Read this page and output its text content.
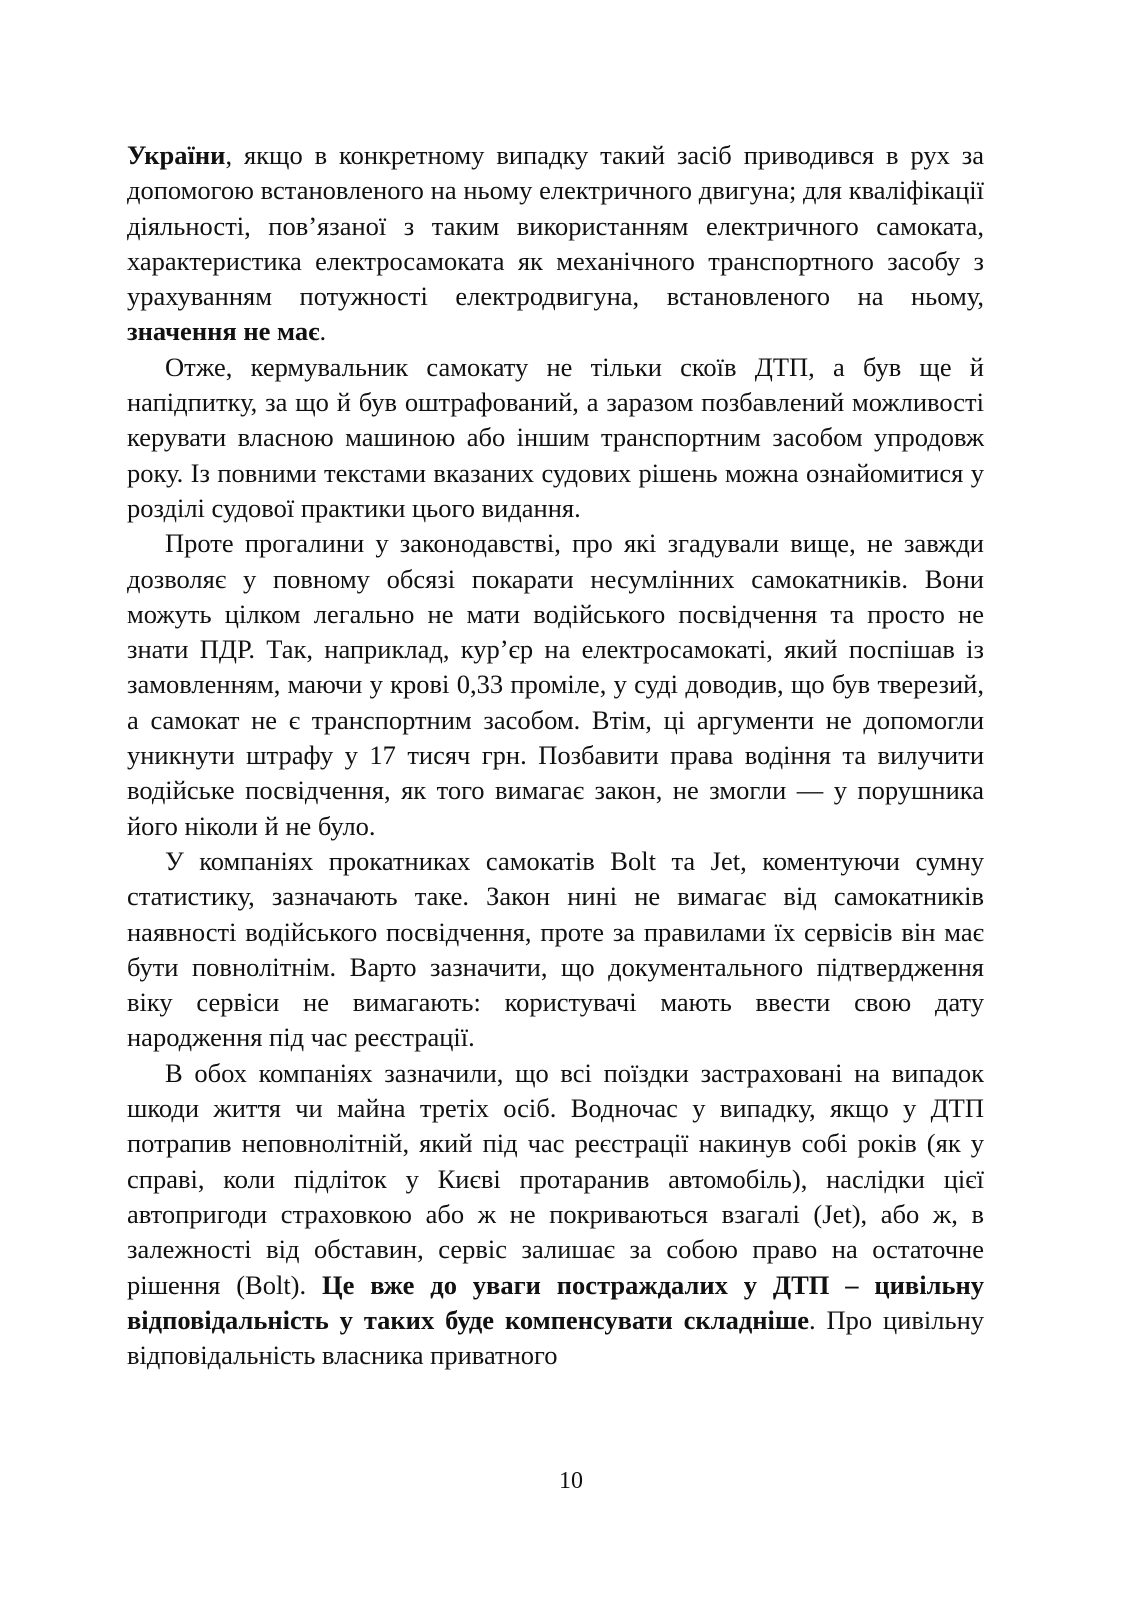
України, якщо в конкретному випадку такий засіб приводився в рух за допомогою встановленого на ньому електричного двигуна; для кваліфікації діяльності, пов’язаної з таким використанням електричного самоката, характеристика електросамоката як механічного транспортного засобу з урахуванням потужності електродвигуна, встановленого на ньому, значення не має.

Отже, кермувальник самокату не тільки скоїв ДТП, а був ще й напідпитку, за що й був оштрафований, а заразом позбавлений можливості керувати власною машиною або іншим транспортним засобом упродовж року. Із повними текстами вказаних судових рішень можна ознайомитися у розділі судової практики цього видання.

Проте прогалини у законодавстві, про які згадували вище, не завжди дозволяє у повному обсязі покарати несумлінних самокатників. Вони можуть цілком легально не мати водійського посвідчення та просто не знати ПДР. Так, наприклад, кур’єр на електросамокаті, який поспішав із замовленням, маючи у крові 0,33 проміле, у суді доводив, що був тверезий, а самокат не є транспортним засобом. Втім, ці аргументи не допомогли уникнути штрафу у 17 тисяч грн. Позбавити права водіння та вилучити водійське посвідчення, як того вимагає закон, не змогли — у порушника його ніколи й не було.

У компаніях прокатниках самокатів Bolt та Jet, коментуючи сумну статистику, зазначають таке. Закон нині не вимагає від самокатників наявності водійського посвідчення, проте за правилами їх сервісів він має бути повнолітнім. Варто зазначити, що документального підтвердження віку сервіси не вимагають: користувачі мають ввести свою дату народження під час реєстрації.

В обох компаніях зазначили, що всі поїздки застраховані на випадок шкоди життя чи майна третіх осіб. Водночас у випадку, якщо у ДТП потрапив неповнолітній, який під час реєстрації накинув собі років (як у справі, коли підліток у Києві протаранив автомобіль), наслідки цієї автопригоди страховкою або ж не покриваються взагалі (Jet), або ж, в залежності від обставин, сервіс залишає за собою право на остаточне рішення (Bolt). Це вже до уваги постраждалих у ДТП – цивільну відповідальність у таких буде компенсувати складніше. Про цивільну відповідальність власника приватного

10
